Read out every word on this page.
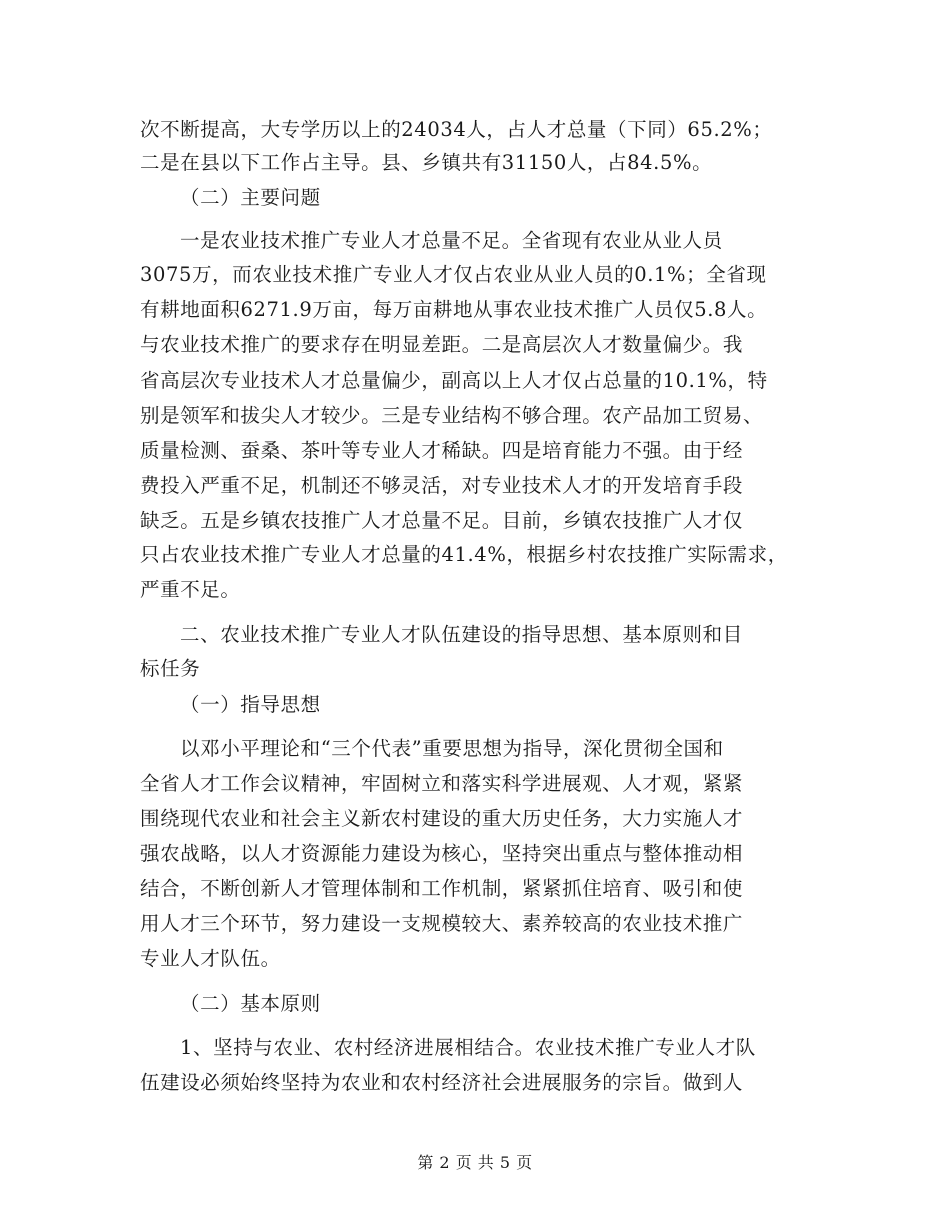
次不断提高，大专学历以上的24034人，占人才总量（下同）65.2%；
二是在县以下工作占主导。县、乡镇共有31150人，占84.5%。
（二）主要问题
一是农业技术推广专业人才总量不足。全省现有农业从业人员
3075万，而农业技术推广专业人才仅占农业从业人员的0.1%；全省现
有耕地面积6271.9万亩，每万亩耕地从事农业技术推广人员仅5.8人。
与农业技术推广的要求存在明显差距。二是高层次人才数量偏少。我
省高层次专业技术人才总量偏少，副高以上人才仅占总量的10.1%，特
别是领军和拔尖人才较少。三是专业结构不够合理。农产品加工贸易、
质量检测、蚕桑、茶叶等专业人才稀缺。四是培育能力不强。由于经
费投入严重不足，机制还不够灵活，对专业技术人才的开发培育手段
缺乏。五是乡镇农技推广人才总量不足。目前，乡镇农技推广人才仅
只占农业技术推广专业人才总量的41.4%，根据乡村农技推广实际需求，
严重不足。
二、农业技术推广专业人才队伍建设的指导思想、基本原则和目
标任务
（一）指导思想
以邓小平理论和“三个代表”重要思想为指导，深化贯彻全国和
全省人才工作会议精神，牢固树立和落实科学进展观、人才观，紧紧
围绕现代农业和社会主义新农村建设的重大历史任务，大力实施人才
强农战略，以人才资源能力建设为核心，坚持突出重点与整体推动相
结合，不断创新人才管理体制和工作机制，紧紧抓住培育、吸引和使
用人才三个环节，努力建设一支规模较大、素养较高的农业技术推广
专业人才队伍。
（二）基本原则
1、坚持与农业、农村经济进展相结合。农业技术推广专业人才队
伍建设必须始终坚持为农业和农村经济社会进展服务的宗旨。做到人
第 2 页 共 5 页
